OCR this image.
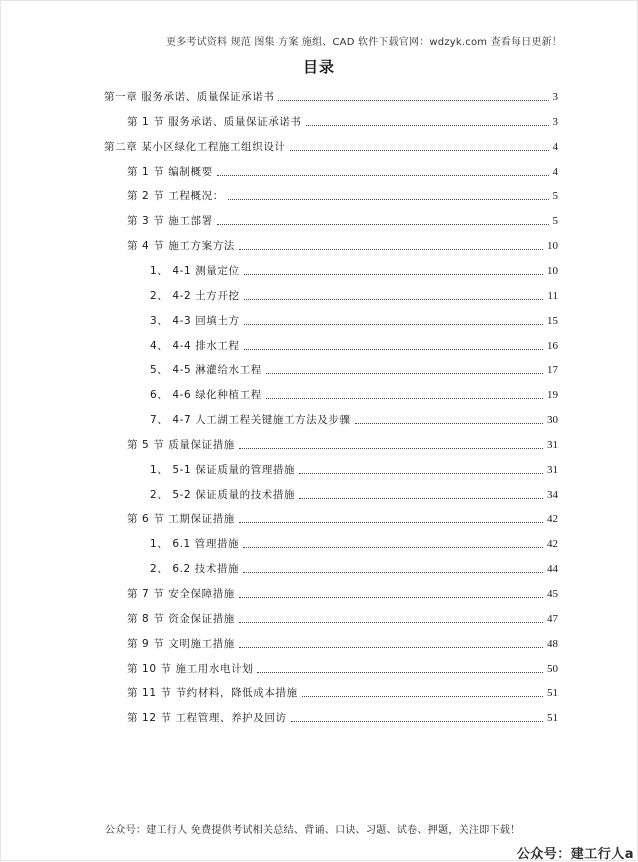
更多考试资料 规范 图集 方案 施组、CAD 软件下载官网：wdzyk.com 查看每日更新！
目录
第一章 服务承诺、质量保证承诺书	3
第 1 节 服务承诺、质量保证承诺书	3
第二章 某小区绿化工程施工组织设计	4
第 1 节 编制概要	4
第 2 节 工程概况：	5
第 3 节 施工部署	5
第 4 节 施工方案方法	10
1、 4-1 测量定位	10
2、 4-2 土方开挖	11
3、 4-3 回填土方	15
4、 4-4 排水工程	16
5、 4-5 淋灌给水工程	17
6、 4-6 绿化种植工程	19
7、 4-7 人工湖工程关键施工方法及步骤	30
第 5 节 质量保证措施	31
1、 5-1 保证质量的管理措施	31
2、 5-2 保证质量的技术措施	34
第 6 节 工期保证措施	42
1、 6.1 管理措施	42
2、 6.2 技术措施	44
第 7 节 安全保障措施	45
第 8 节 资金保证措施	47
第 9 节 文明施工措施	48
第 10 节 施工用水电计划	50
第 11 节 节约材料，降低成本措施	51
第 12 节 工程管理、养护及回访	51
公众号：建工行人 免费提供考试相关总结、背诵、口诀、习题、试卷、押题，关注即下载！
公众号：建工行人a
